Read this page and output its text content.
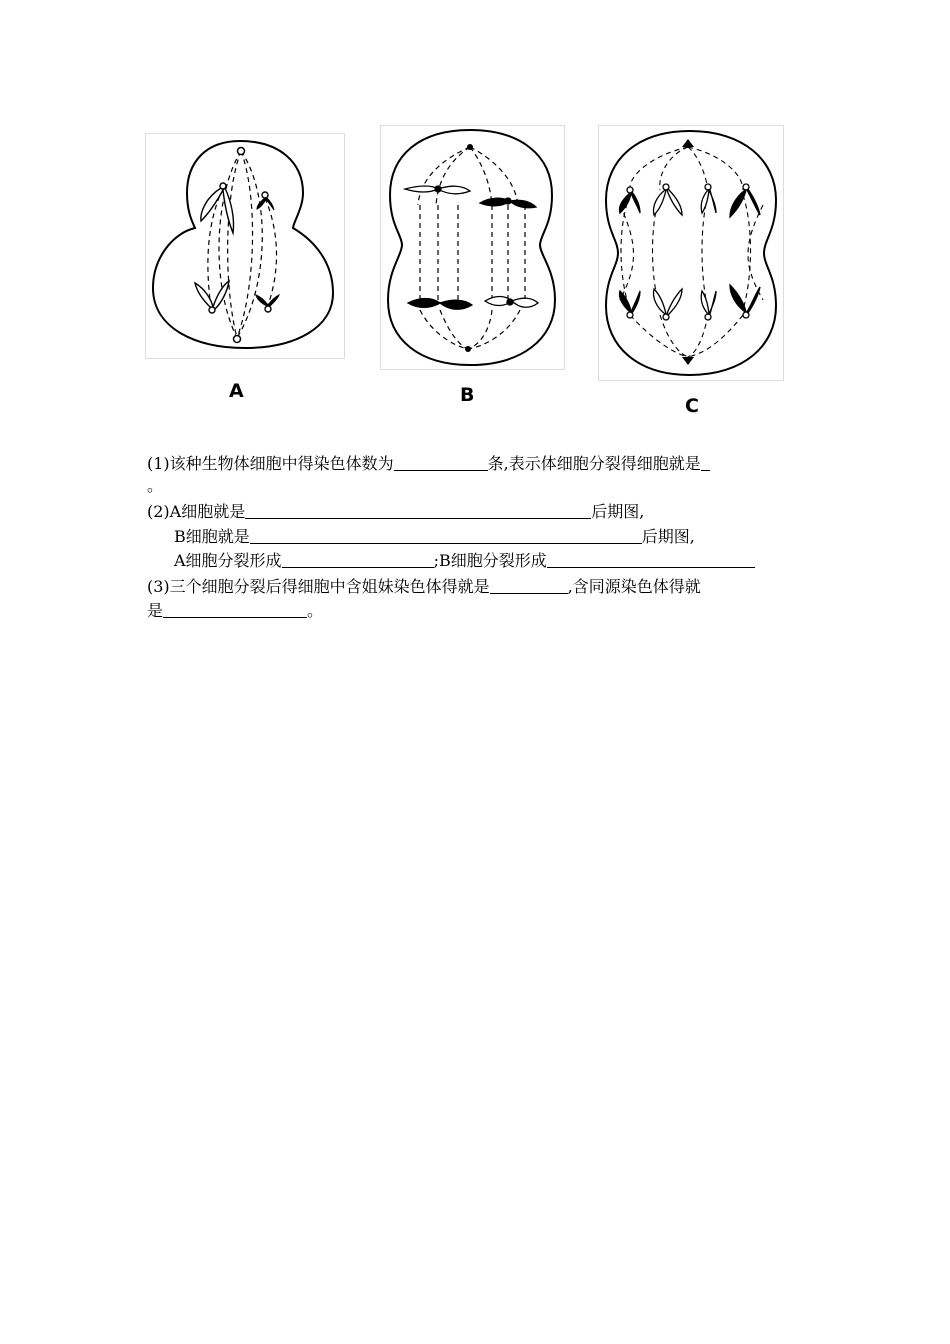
A	B	C
(1)该种生物体细胞中得染色体数为	条,表示体细胞分裂得细胞就是
。
(2)A细胞就是	后期图,
B细胞就是	后期图,
A细胞分裂形成	;B细胞分裂形成
(3)三个细胞分裂后得细胞中含姐妹染色体得就是	,含同源染色体得就
是	。
